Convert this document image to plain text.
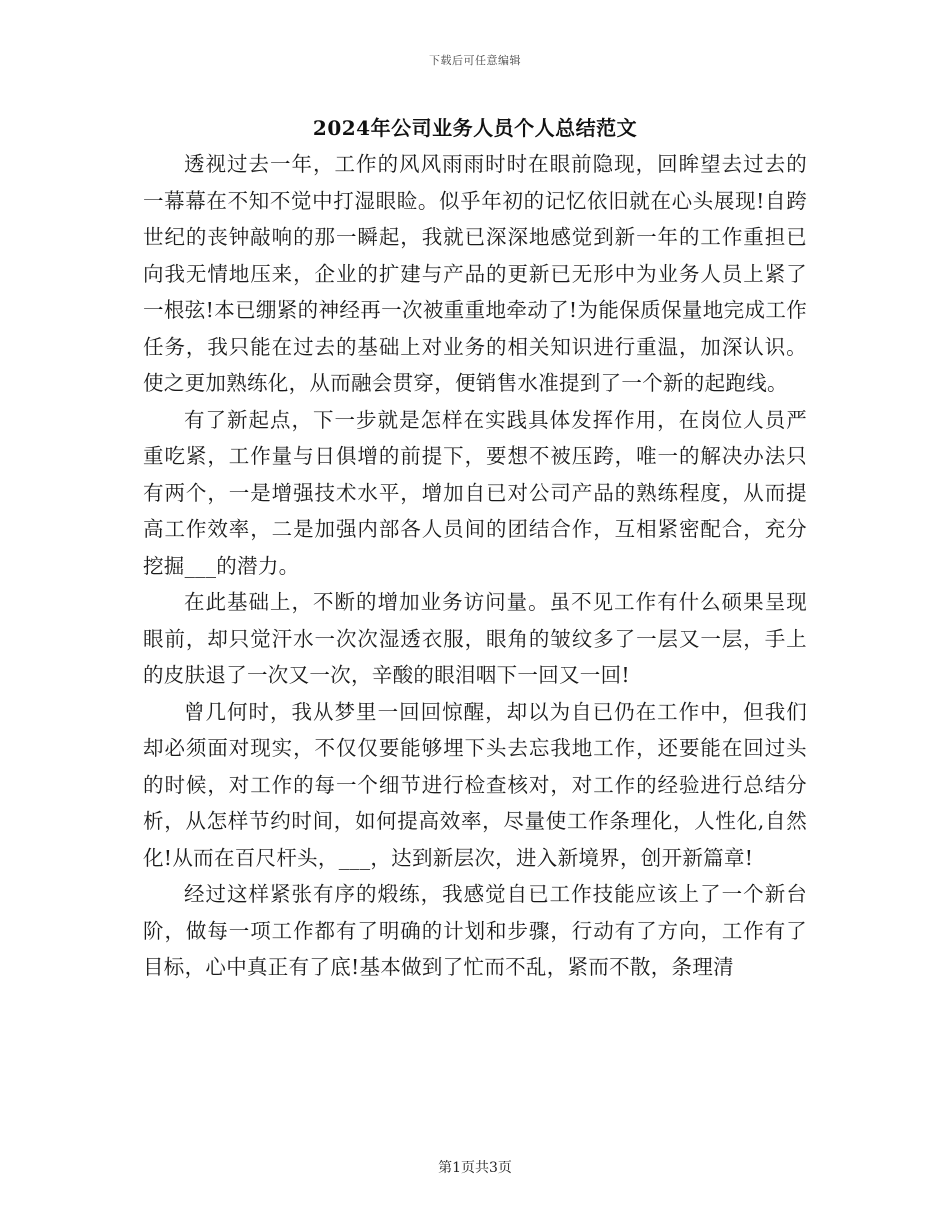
下载后可任意编辑
2024年公司业务人员个人总结范文

透视过去一年，工作的风风雨雨时时在眼前隐现，回眸望去过去的一幕幕在不知不觉中打湿眼睑。似乎年初的记忆依旧就在心头展现!自跨世纪的丧钟敲响的那一瞬起，我就已深深地感觉到新一年的工作重担已向我无情地压来，企业的扩建与产品的更新已无形中为业务人员上紧了一根弦!本已绷紧的神经再一次被重重地牵动了!为能保质保量地完成工作任务，我只能在过去的基础上对业务的相关知识进行重温，加深认识。使之更加熟练化，从而融会贯穿，便销售水准提到了一个新的起跑线。

有了新起点，下一步就是怎样在实践具体发挥作用，在岗位人员严重吃紧，工作量与日俱增的前提下，要想不被压跨，唯一的解决办法只有两个，一是增强技术水平，增加自已对公司产品的熟练程度，从而提高工作效率，二是加强内部各人员间的团结合作，互相紧密配合，充分挖掘___的潜力。

在此基础上，不断的增加业务访问量。虽不见工作有什么硕果呈现眼前，却只觉汗水一次次湿透衣服，眼角的皱纹多了一层又一层，手上的皮肤退了一次又一次，辛酸的眼泪咽下一回又一回!

曾几何时，我从梦里一回回惊醒，却以为自已仍在工作中，但我们却必须面对现实，不仅仅要能够埋下头去忘我地工作，还要能在回过头的时候，对工作的每一个细节进行检查核对，对工作的经验进行总结分析，从怎样节约时间，如何提高效率，尽量使工作条理化，人性化,自然化!从而在百尺杆头，___，达到新层次，进入新境界，创开新篇章!

经过这样紧张有序的煅练，我感觉自已工作技能应该上了一个新台阶，做每一项工作都有了明确的计划和步骤，行动有了方向，工作有了目标，心中真正有了底!基本做到了忙而不乱，紧而不散，条理清

第1页共3页
